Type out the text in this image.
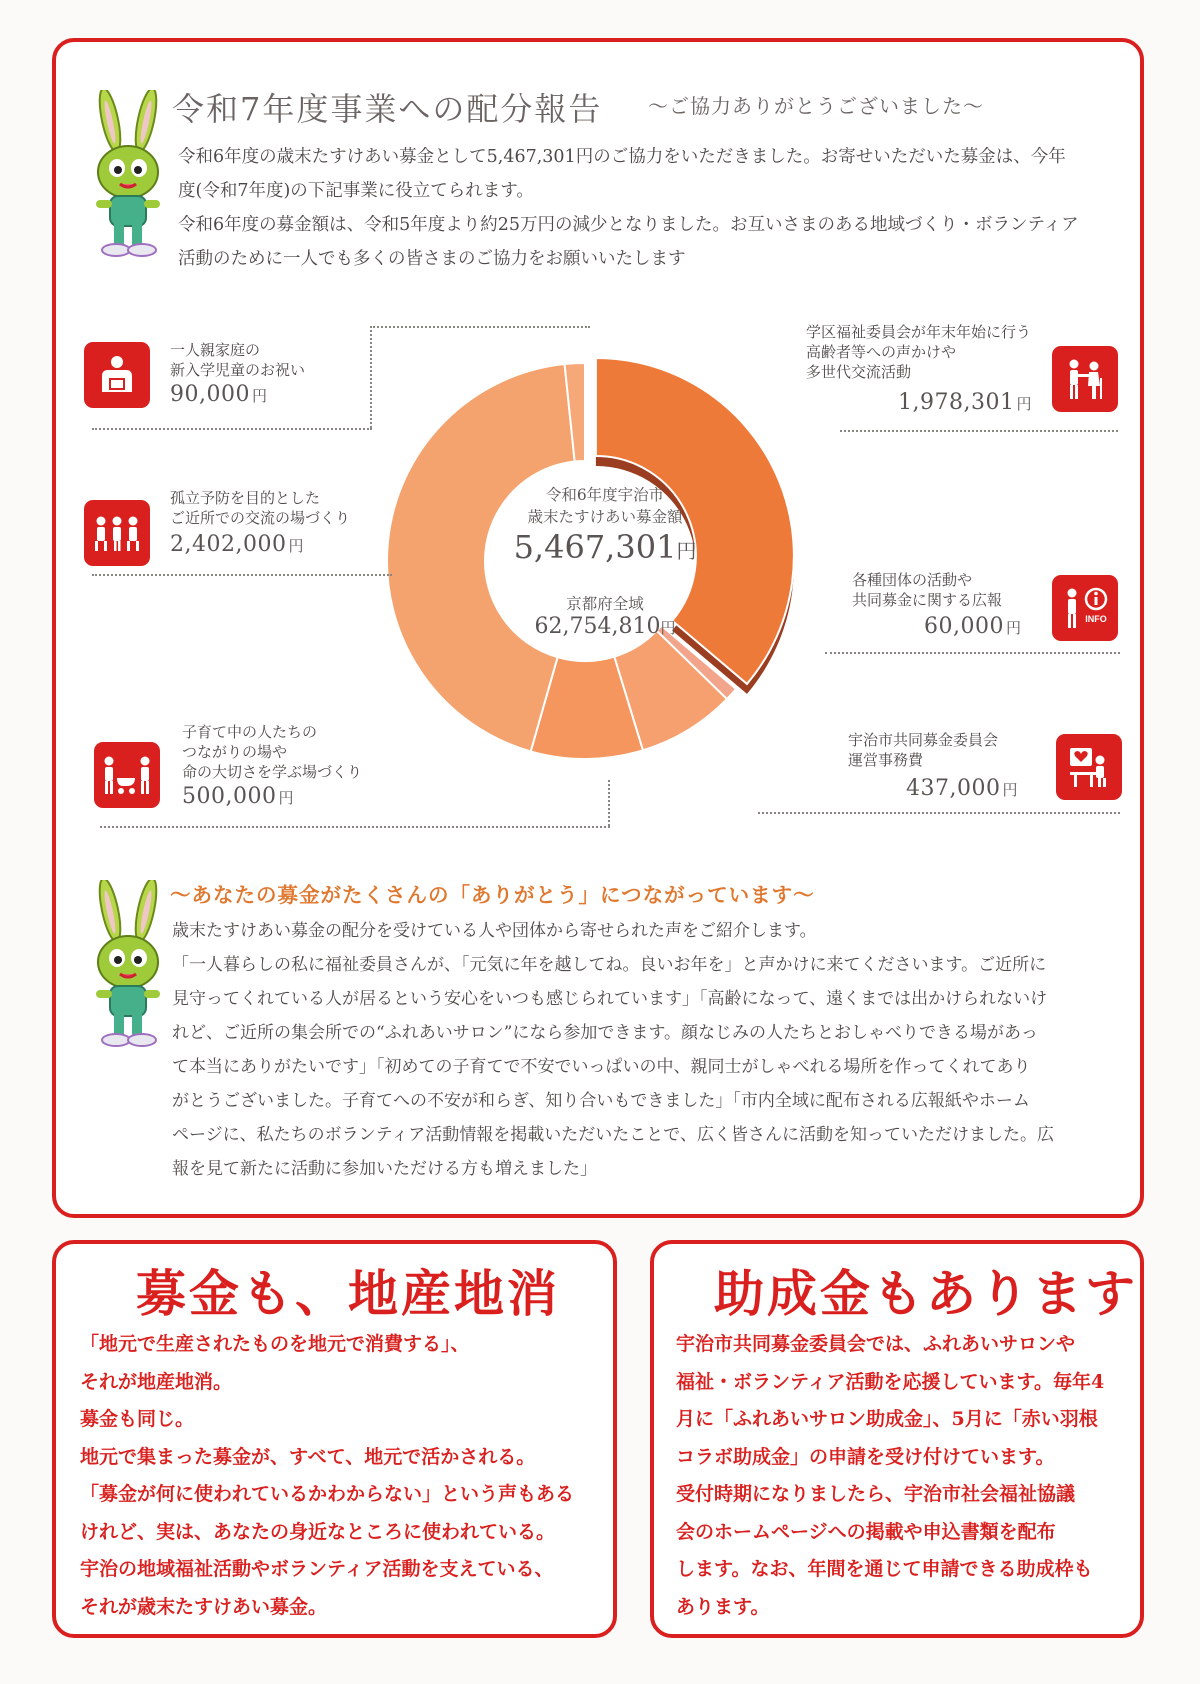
令和7年度事業への配分報告 ～ご協力ありがとうございました～
令和6年度の歳末たすけあい募金として5,467,301円のご協力をいただきました。お寄せいただいた募金は、今年
度(令和7年度)の下記事業に役立てられます。
令和6年度の募金額は、令和5年度より約25万円の減少となりました。お互いさまのある地域づくり・ボランティア
活動のために一人でも多くの皆さまのご協力をお願いいたします
令和6年度宇治市
歳末たすけあい募金額
5,467,301円
京都府全域
62,754,810円
一人親家庭の
新入学児童のお祝い
90,000 円
孤立予防を目的とした
ご近所での交流の場づくり
2,402,000 円
子育て中の人たちの
つながりの場や
命の大切さを学ぶ場づくり
500,000 円
学区福祉委員会が年末年始に行う
高齢者等への声かけや
多世代交流活動
1,978,301 円
各種団体の活動や
共同募金に関する広報
60,000 円	INFO
宇治市共同募金委員会
運営事務費
437,000 円
～あなたの募金がたくさんの「ありがとう」につながっています～
歳末たすけあい募金の配分を受けている人や団体から寄せられた声をご紹介します。
「一人暮らしの私に福祉委員さんが、「元気に年を越してね。良いお年を」と声かけに来てくださいます。ご近所に
見守ってくれている人が居るという安心をいつも感じられています」「高齢になって、遠くまでは出かけられないけ
れど、ご近所の集会所での“ふれあいサロン”になら参加できます。顔なじみの人たちとおしゃべりできる場があっ
て本当にありがたいです」「初めての子育てで不安でいっぱいの中、親同士がしゃべれる場所を作ってくれてあり
がとうございました。子育てへの不安が和らぎ、知り合いもできました」「市内全域に配布される広報紙やホーム
ページに、私たちのボランティア活動情報を掲載いただいたことで、広く皆さんに活動を知っていただけました。広
報を見て新たに活動に参加いただける方も増えました」
募金も、地産地消
「地元で生産されたものを地元で消費する」、
それが地産地消。
募金も同じ。
地元で集まった募金が、すべて、地元で活かされる。
「募金が何に使われているかわからない」という声もある
けれど、実は、あなたの身近なところに使われている。
宇治の地域福祉活動やボランティア活動を支えている、
それが歳末たすけあい募金。
助成金もあります
宇治市共同募金委員会では、ふれあいサロンや
福祉・ボランティア活動を応援しています。毎年4
月に「ふれあいサロン助成金」、5月に「赤い羽根
コラボ助成金」の申請を受け付けています。
受付時期になりましたら、宇治市社会福祉協議
会のホームページへの掲載や申込書類を配布
します。なお、年間を通じて申請できる助成枠も
あります。
